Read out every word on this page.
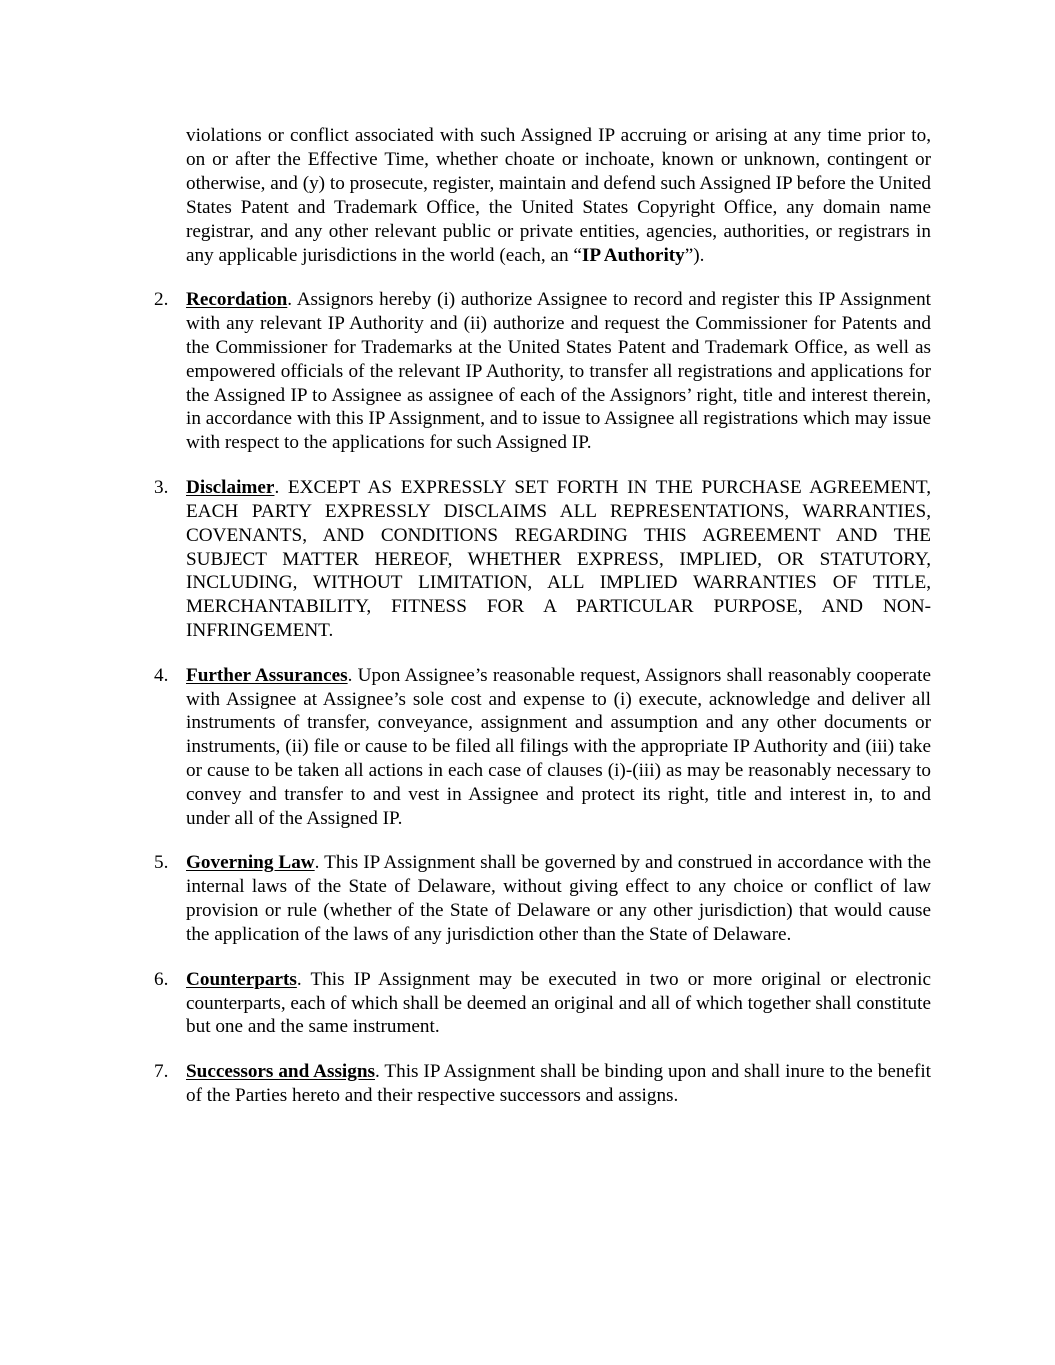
violations or conflict associated with such Assigned IP accruing or arising at any time prior to, on or after the Effective Time, whether choate or inchoate, known or unknown, contingent or otherwise, and (y) to prosecute, register, maintain and defend such Assigned IP before the United States Patent and Trademark Office, the United States Copyright Office, any domain name registrar, and any other relevant public or private entities, agencies, authorities, or registrars in any applicable jurisdictions in the world (each, an “IP Authority”).

2. Recordation. Assignors hereby (i) authorize Assignee to record and register this IP Assignment with any relevant IP Authority and (ii) authorize and request the Commissioner for Patents and the Commissioner for Trademarks at the United States Patent and Trademark Office, as well as empowered officials of the relevant IP Authority, to transfer all registrations and applications for the Assigned IP to Assignee as assignee of each of the Assignors’ right, title and interest therein, in accordance with this IP Assignment, and to issue to Assignee all registrations which may issue with respect to the applications for such Assigned IP.
3. Disclaimer. EXCEPT AS EXPRESSLY SET FORTH IN THE PURCHASE AGREEMENT, EACH PARTY EXPRESSLY DISCLAIMS ALL REPRESENTATIONS, WARRANTIES, COVENANTS, AND CONDITIONS REGARDING THIS AGREEMENT AND THE SUBJECT MATTER HEREOF, WHETHER EXPRESS, IMPLIED, OR STATUTORY, INCLUDING, WITHOUT LIMITATION, ALL IMPLIED WARRANTIES OF TITLE, MERCHANTABILITY, FITNESS FOR A PARTICULAR PURPOSE, AND NON-INFRINGEMENT.
4. Further Assurances. Upon Assignee’s reasonable request, Assignors shall reasonably cooperate with Assignee at Assignee’s sole cost and expense to (i) execute, acknowledge and deliver all instruments of transfer, conveyance, assignment and assumption and any other documents or instruments, (ii) file or cause to be filed all filings with the appropriate IP Authority and (iii) take or cause to be taken all actions in each case of clauses (i)-(iii) as may be reasonably necessary to convey and transfer to and vest in Assignee and protect its right, title and interest in, to and under all of the Assigned IP.
5. Governing Law. This IP Assignment shall be governed by and construed in accordance with the internal laws of the State of Delaware, without giving effect to any choice or conflict of law provision or rule (whether of the State of Delaware or any other jurisdiction) that would cause the application of the laws of any jurisdiction other than the State of Delaware.
6. Counterparts. This IP Assignment may be executed in two or more original or electronic counterparts, each of which shall be deemed an original and all of which together shall constitute but one and the same instrument.
7. Successors and Assigns. This IP Assignment shall be binding upon and shall inure to the benefit of the Parties hereto and their respective successors and assigns.
